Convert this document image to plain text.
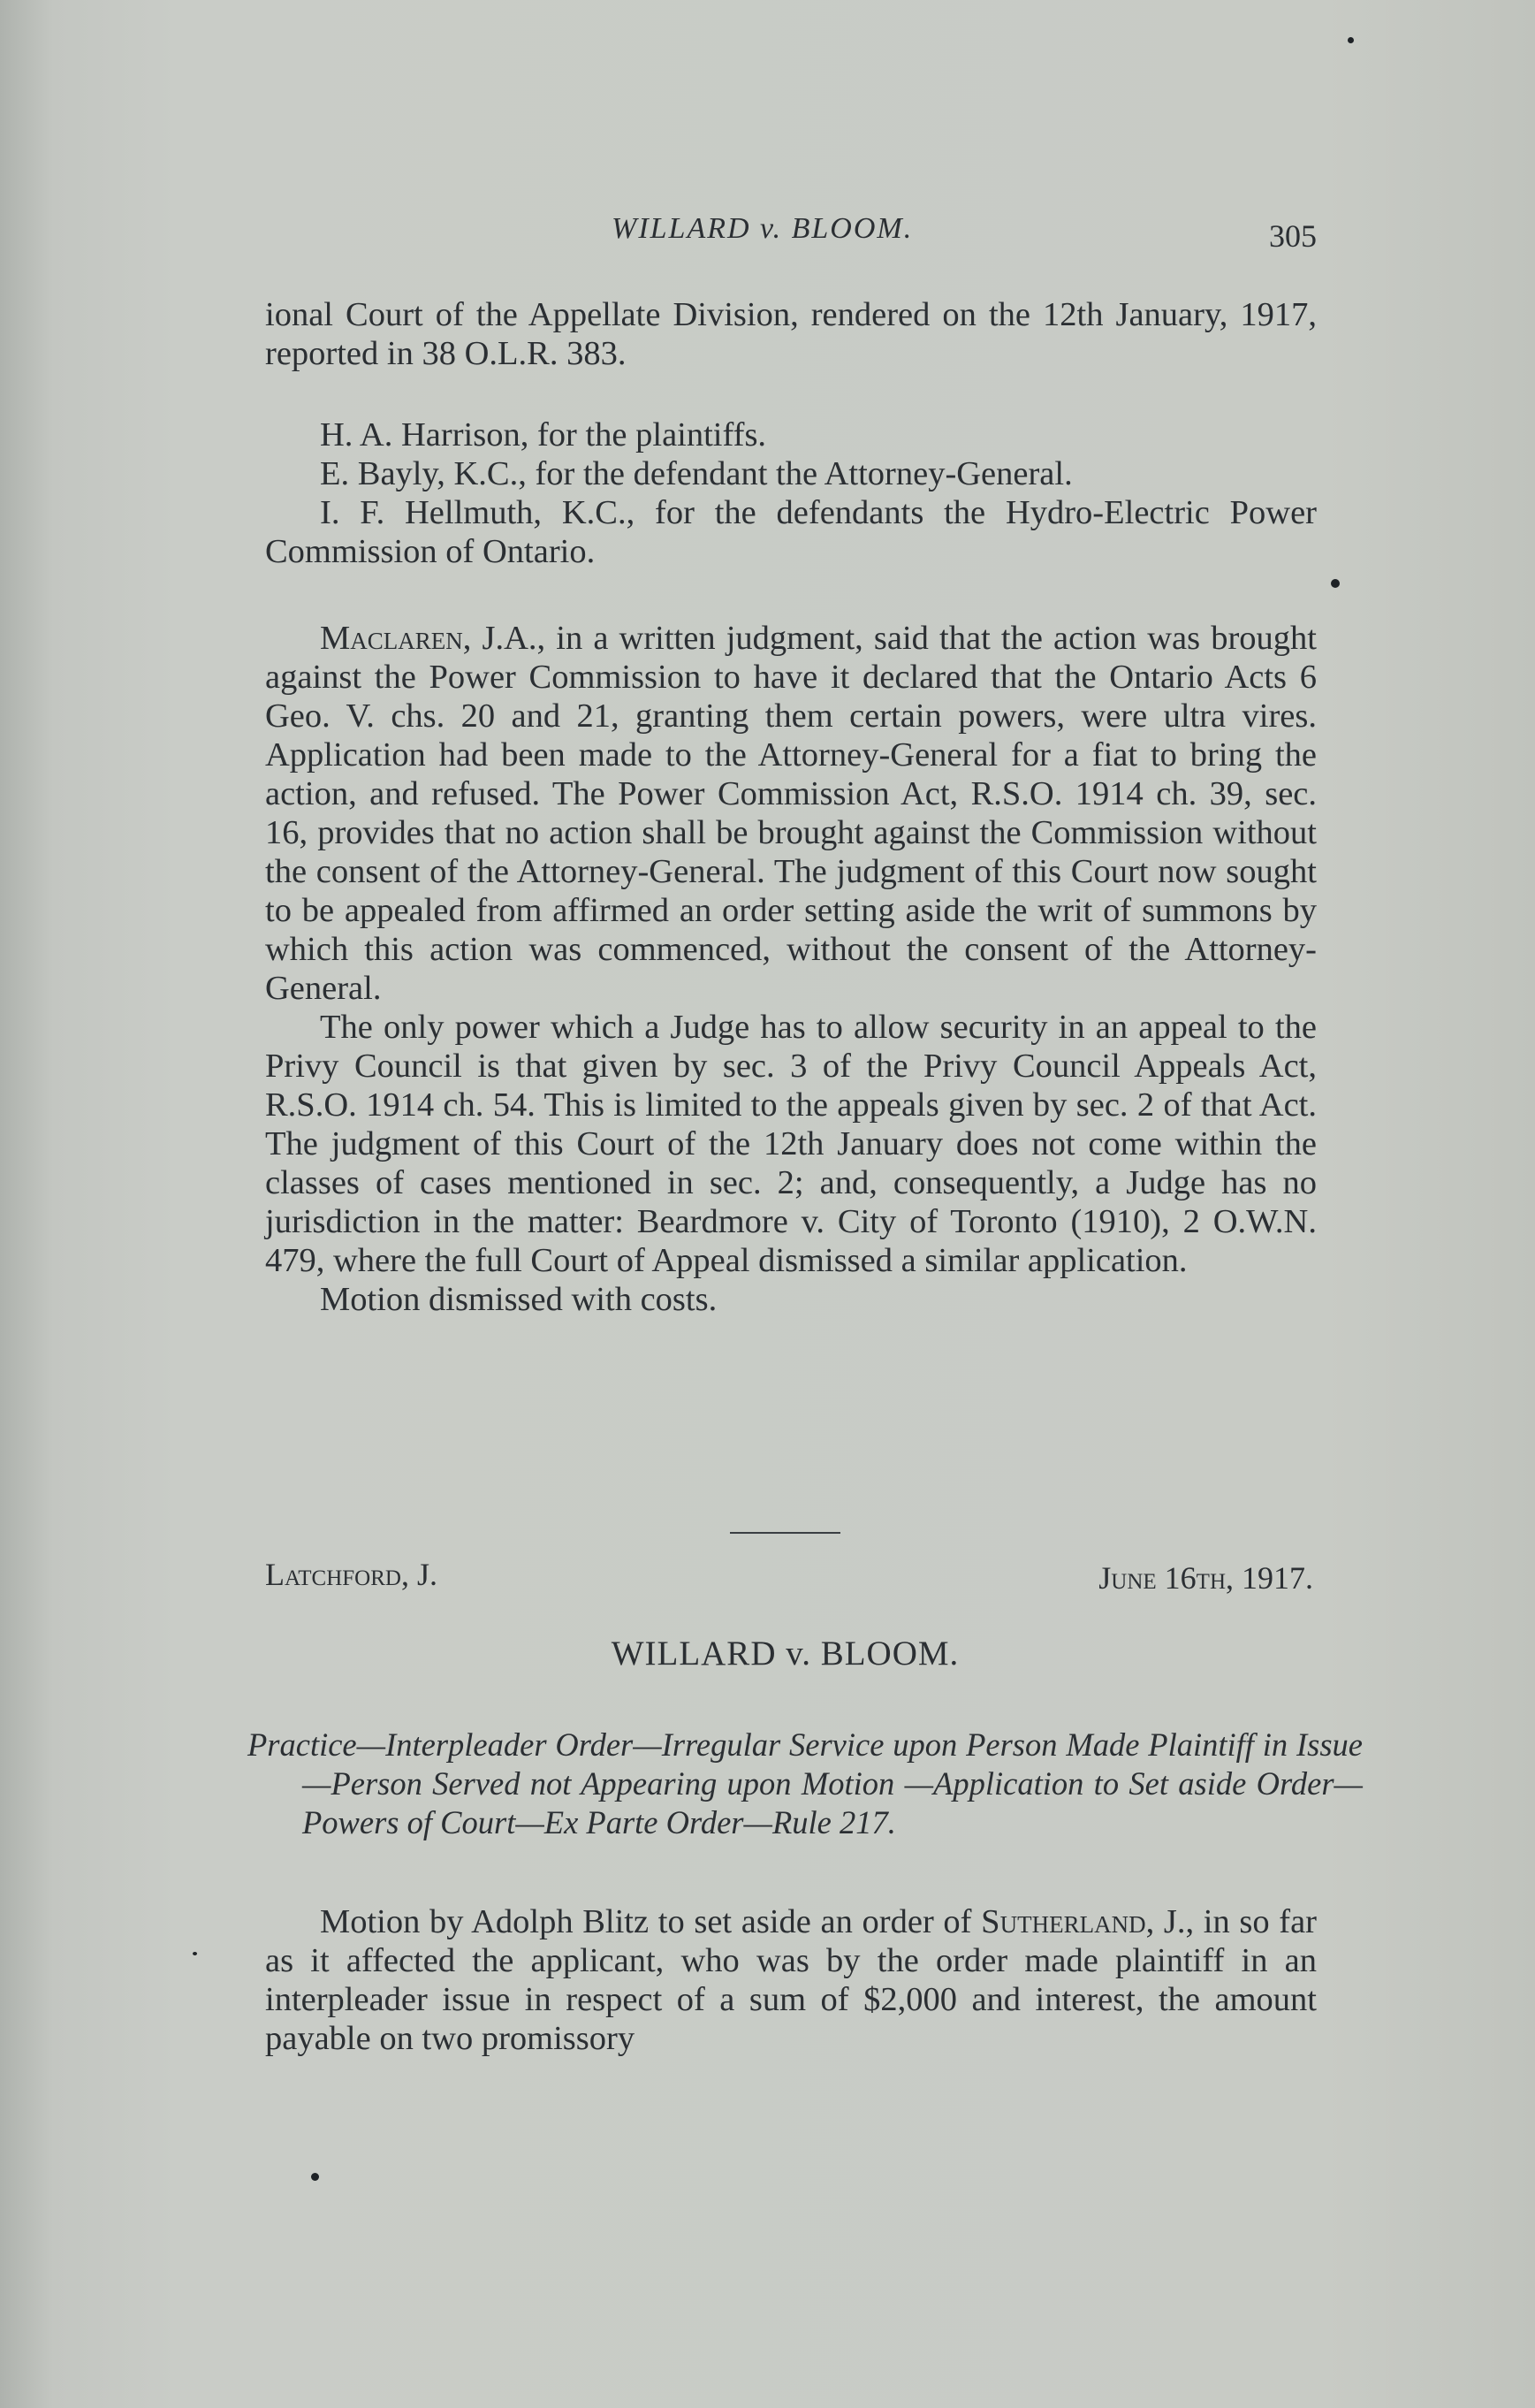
WILLARD v. BLOOM.	305

ional Court of the Appellate Division, rendered on the 12th January, 1917, reported in 38 O.L.R. 383.

H. A. Harrison, for the plaintiffs.

E. Bayly, K.C., for the defendant the Attorney-General.

I. F. Hellmuth, K.C., for the defendants the Hydro-Electric Power Commission of Ontario.

Maclaren, J.A., in a written judgment, said that the action was brought against the Power Commission to have it declared that the Ontario Acts 6 Geo. V. chs. 20 and 21, granting them certain powers, were ultra vires. Application had been made to the Attorney-General for a fiat to bring the action, and refused. The Power Commission Act, R.S.O. 1914 ch. 39, sec. 16, provides that no action shall be brought against the Commission without the consent of the Attorney-General. The judgment of this Court now sought to be appealed from affirmed an order setting aside the writ of summons by which this action was commenced, without the consent of the Attorney-General.

The only power which a Judge has to allow security in an appeal to the Privy Council is that given by sec. 3 of the Privy Council Appeals Act, R.S.O. 1914 ch. 54. This is limited to the appeals given by sec. 2 of that Act. The judgment of this Court of the 12th January does not come within the classes of cases mentioned in sec. 2; and, consequently, a Judge has no jurisdiction in the matter: Beardmore v. City of Toronto (1910), 2 O.W.N. 479, where the full Court of Appeal dismissed a similar application.

Motion dismissed with costs.

Latchford, J.	June 16th, 1917.
WILLARD v. BLOOM.
Practice—Interpleader Order—Irregular Service upon Person Made Plaintiff in Issue—Person Served not Appearing upon Motion —Application to Set aside Order—Powers of Court—Ex Parte Order—Rule 217.

Motion by Adolph Blitz to set aside an order of Sutherland, J., in so far as it affected the applicant, who was by the order made plaintiff in an interpleader issue in respect of a sum of $2,000 and interest, the amount payable on two promissory
